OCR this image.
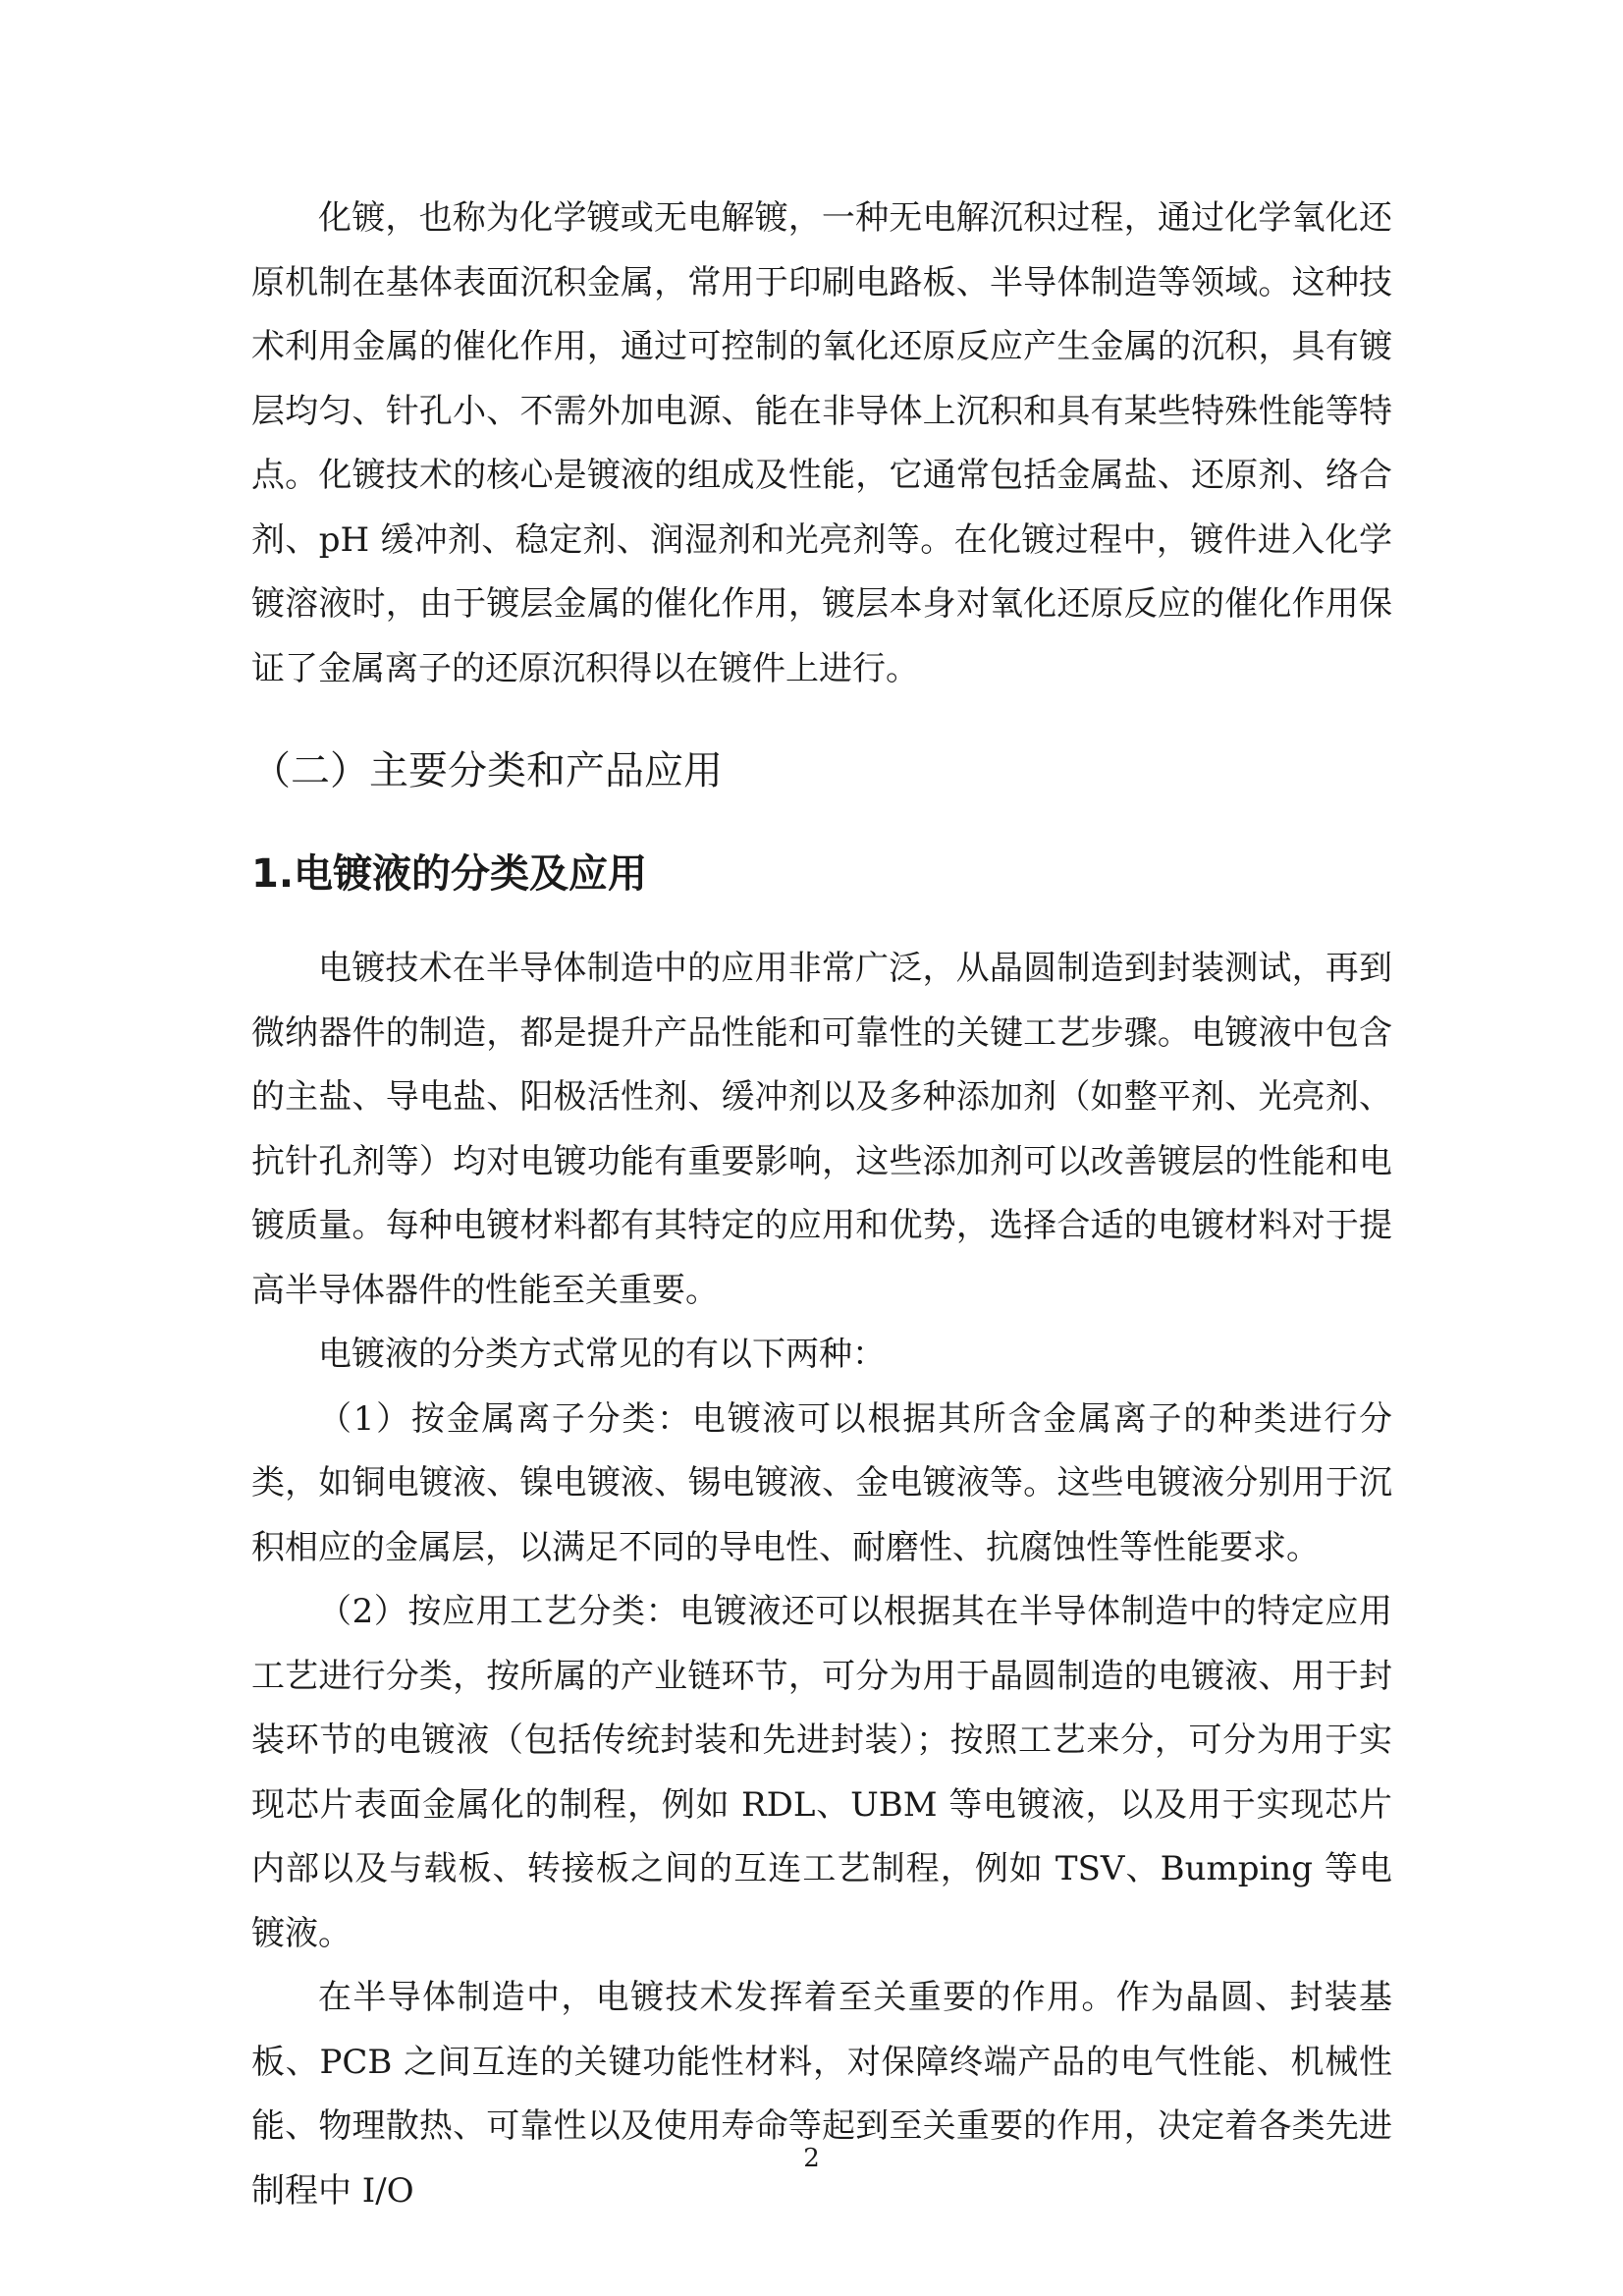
化镀，也称为化学镀或无电解镀，一种无电解沉积过程，通过化学氧化还原机制在基体表面沉积金属，常用于印刷电路板、半导体制造等领域。这种技术利用金属的催化作用，通过可控制的氧化还原反应产生金属的沉积，具有镀层均匀、针孔小、不需外加电源、能在非导体上沉积和具有某些特殊性能等特点。化镀技术的核心是镀液的组成及性能，它通常包括金属盐、还原剂、络合剂、pH 缓冲剂、稳定剂、润湿剂和光亮剂等。在化镀过程中，镀件进入化学镀溶液时，由于镀层金属的催化作用，镀层本身对氧化还原反应的催化作用保证了金属离子的还原沉积得以在镀件上进行。

（二）主要分类和产品应用
1.电镀液的分类及应用

电镀技术在半导体制造中的应用非常广泛，从晶圆制造到封装测试，再到微纳器件的制造，都是提升产品性能和可靠性的关键工艺步骤。电镀液中包含的主盐、导电盐、阳极活性剂、缓冲剂以及多种添加剂（如整平剂、光亮剂、抗针孔剂等）均对电镀功能有重要影响，这些添加剂可以改善镀层的性能和电镀质量。每种电镀材料都有其特定的应用和优势，选择合适的电镀材料对于提高半导体器件的性能至关重要。

电镀液的分类方式常见的有以下两种：

（1）按金属离子分类：电镀液可以根据其所含金属离子的种类进行分类，如铜电镀液、镍电镀液、锡电镀液、金电镀液等。这些电镀液分别用于沉积相应的金属层，以满足不同的导电性、耐磨性、抗腐蚀性等性能要求。

（2）按应用工艺分类：电镀液还可以根据其在半导体制造中的特定应用工艺进行分类，按所属的产业链环节，可分为用于晶圆制造的电镀液、用于封装环节的电镀液（包括传统封装和先进封装）；按照工艺来分，可分为用于实现芯片表面金属化的制程，例如 RDL、UBM 等电镀液，以及用于实现芯片内部以及与载板、转接板之间的互连工艺制程，例如 TSV、Bumping 等电镀液。

在半导体制造中，电镀技术发挥着至关重要的作用。作为晶圆、封装基板、PCB 之间互连的关键功能性材料，对保障终端产品的电气性能、机械性能、物理散热、可靠性以及使用寿命等起到至关重要的作用，决定着各类先进制程中 I/O

2
